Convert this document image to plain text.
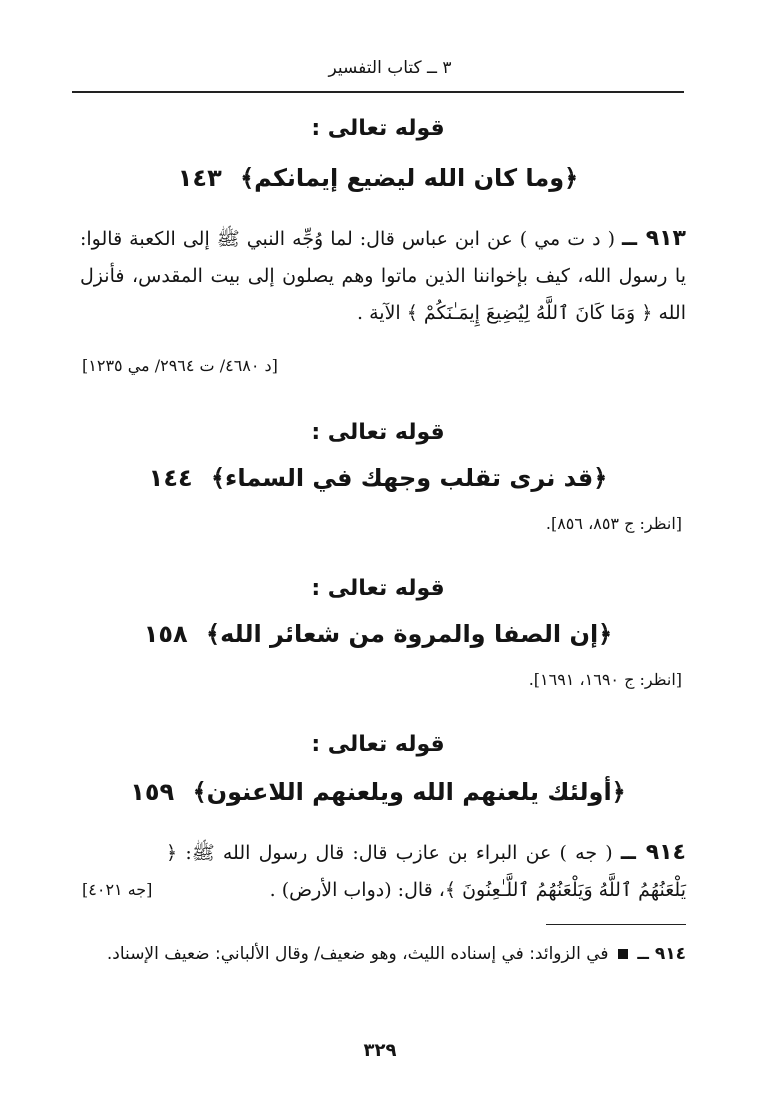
٣ ــ كتاب التفسير
قوله تعالى :
﴿وما كان الله ليضيع إيمانكم﴾ ١٤٣
٩١٣ ــ ( د ت مي ) عن ابن عباس قال: لما وُجِّه النبي ﷺ إلى الكعبة قالوا: يا رسول الله، كيف بإخواننا الذين ماتوا وهم يصلون إلى بيت المقدس، فأنزل الله ﴿ وَمَا كَانَ ٱللَّهُ لِيُضِيعَ إِيمَـٰنَكُمْ ﴾ الآية .
[د ٤٦٨٠/ ت ٢٩٦٤/ مي ١٢٣٥]
قوله تعالى :
﴿قد نرى تقلب وجهك في السماء﴾ ١٤٤
[انظر: ج ٨٥٣، ٨٥٦].
قوله تعالى :
﴿إن الصفا والمروة من شعائر الله﴾ ١٥٨
[انظر: ج ١٦٩٠، ١٦٩١].
قوله تعالى :
﴿أولئك يلعنهم الله ويلعنهم اللاعنون﴾ ١٥٩
٩١٤ ــ ( جه ) عن البراء بن عازب قال: قال رسول الله ﷺ: ﴿ يَلْعَنُهُمُ ٱللَّهُ وَيَلْعَنُهُمُ ٱللَّـٰعِنُونَ ﴾، قال: (دواب الأرض) .
[جه ٤٠٢١]
٩١٤ ــ  في الزوائد: في إسناده الليث، وهو ضعيف/ وقال الألباني: ضعيف الإسناد.
٣٢٩
